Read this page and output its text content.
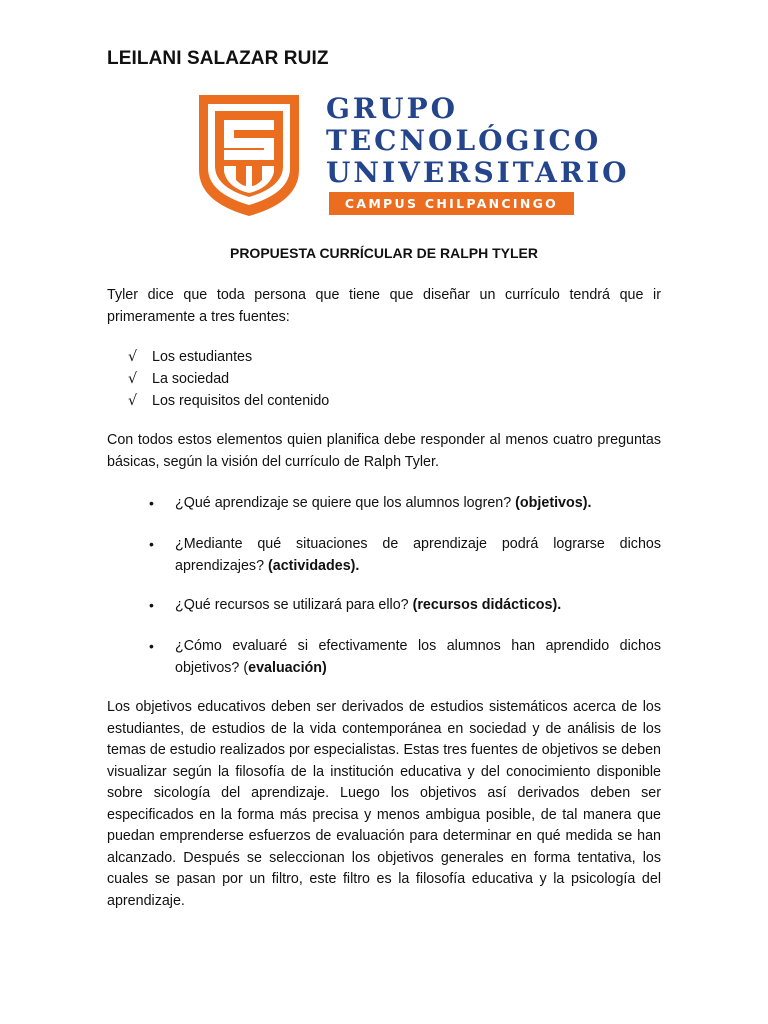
LEILANI SALAZAR RUIZ
GRUPO
TECNOLÓGICO
UNIVERSITARIO
CAMPUS CHILPANCINGO
PROPUESTA CURRÍCULAR DE RALPH TYLER

Tyler dice que toda persona que tiene que diseñar un currículo tendrá que ir primeramente a tres fuentes:

√	Los estudiantes
√	La sociedad
√	Los requisitos del contenido

Con todos estos elementos quien planifica debe responder al menos cuatro preguntas básicas, según la visión del currículo de Ralph Tyler.

•	¿Qué aprendizaje se quiere que los alumnos logren? (objetivos).

•	¿Mediante qué situaciones de aprendizaje podrá lograrse dichos aprendizajes? (actividades).

•	¿Qué recursos se utilizará para ello? (recursos didácticos).

•	¿Cómo evaluaré si efectivamente los alumnos han aprendido dichos objetivos? (evaluación)

Los objetivos educativos deben ser derivados de estudios sistemáticos acerca de los estudiantes, de estudios de la vida contemporánea en sociedad y de análisis de los temas de estudio realizados por especialistas. Estas tres fuentes de objetivos se deben visualizar según la filosofía de la institución educativa y del conocimiento disponible sobre sicología del aprendizaje. Luego los objetivos así derivados deben ser especificados en la forma más precisa y menos ambigua posible, de tal manera que puedan emprenderse esfuerzos de evaluación para determinar en qué medida se han alcanzado. Después se seleccionan los objetivos generales en forma tentativa, los cuales se pasan por un filtro, este filtro es la filosofía educativa y la psicología del aprendizaje.
